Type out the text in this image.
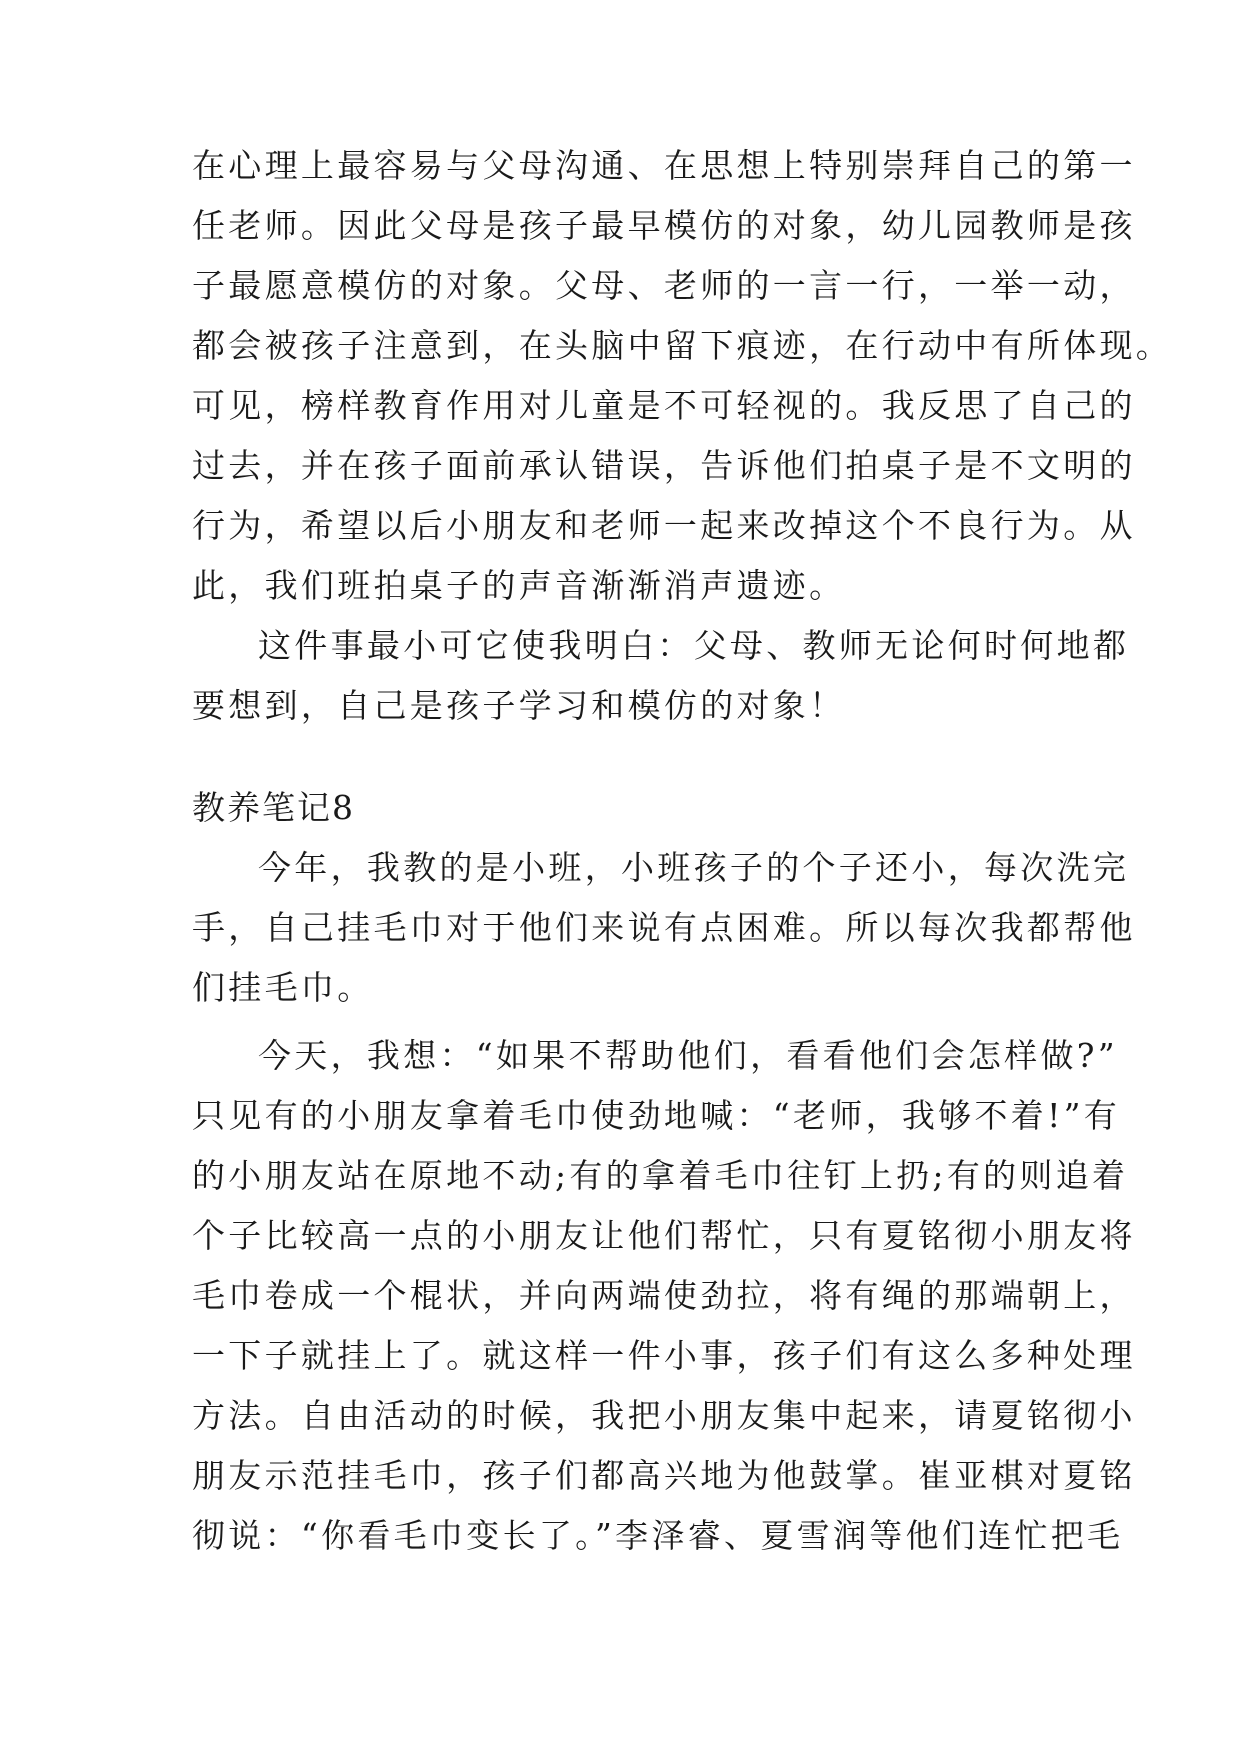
在心理上最容易与父母沟通、在思想上特别崇拜自己的第一
任老师。因此父母是孩子最早模仿的对象，幼儿园教师是孩
子最愿意模仿的对象。父母、老师的一言一行，一举一动，
都会被孩子注意到，在头脑中留下痕迹，在行动中有所体现。
可见，榜样教育作用对儿童是不可轻视的。我反思了自己的
过去，并在孩子面前承认错误，告诉他们拍桌子是不文明的
行为，希望以后小朋友和老师一起来改掉这个不良行为。从
此，我们班拍桌子的声音渐渐消声遗迹。
这件事最小可它使我明白：父母、教师无论何时何地都
要想到，自己是孩子学习和模仿的对象！
教养笔记8
今年，我教的是小班，小班孩子的个子还小，每次洗完
手，自己挂毛巾对于他们来说有点困难。所以每次我都帮他
们挂毛巾。
今天，我想：“如果不帮助他们，看看他们会怎样做?”
只见有的小朋友拿着毛巾使劲地喊：“老师，我够不着!”有
的小朋友站在原地不动;有的拿着毛巾往钉上扔;有的则追着
个子比较高一点的小朋友让他们帮忙，只有夏铭彻小朋友将
毛巾卷成一个棍状，并向两端使劲拉，将有绳的那端朝上，
一下子就挂上了。就这样一件小事，孩子们有这么多种处理
方法。自由活动的时候，我把小朋友集中起来，请夏铭彻小
朋友示范挂毛巾，孩子们都高兴地为他鼓掌。崔亚棋对夏铭
彻说：“你看毛巾变长了。”李泽睿、夏雪润等他们连忙把毛
